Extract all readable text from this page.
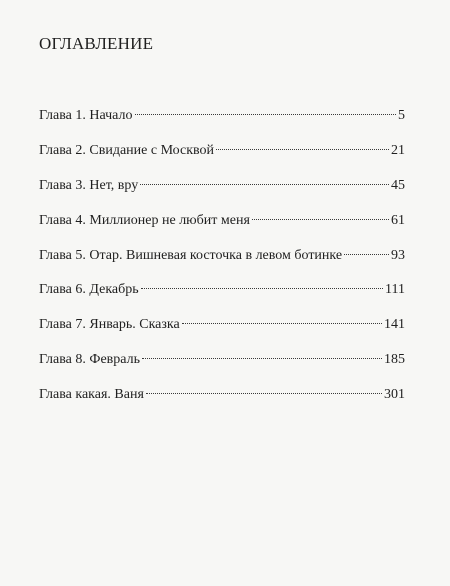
ОГЛАВЛЕНИЕ
Глава 1. Начало	5
Глава 2. Свидание с Москвой	21
Глава 3. Нет, вру	45
Глава 4. Миллионер не любит меня	61
Глава 5. Отар. Вишневая косточка в левом ботинке	93
Глава 6. Декабрь	111
Глава 7. Январь. Сказка	141
Глава 8. Февраль	185
Глава какая. Ваня	301
